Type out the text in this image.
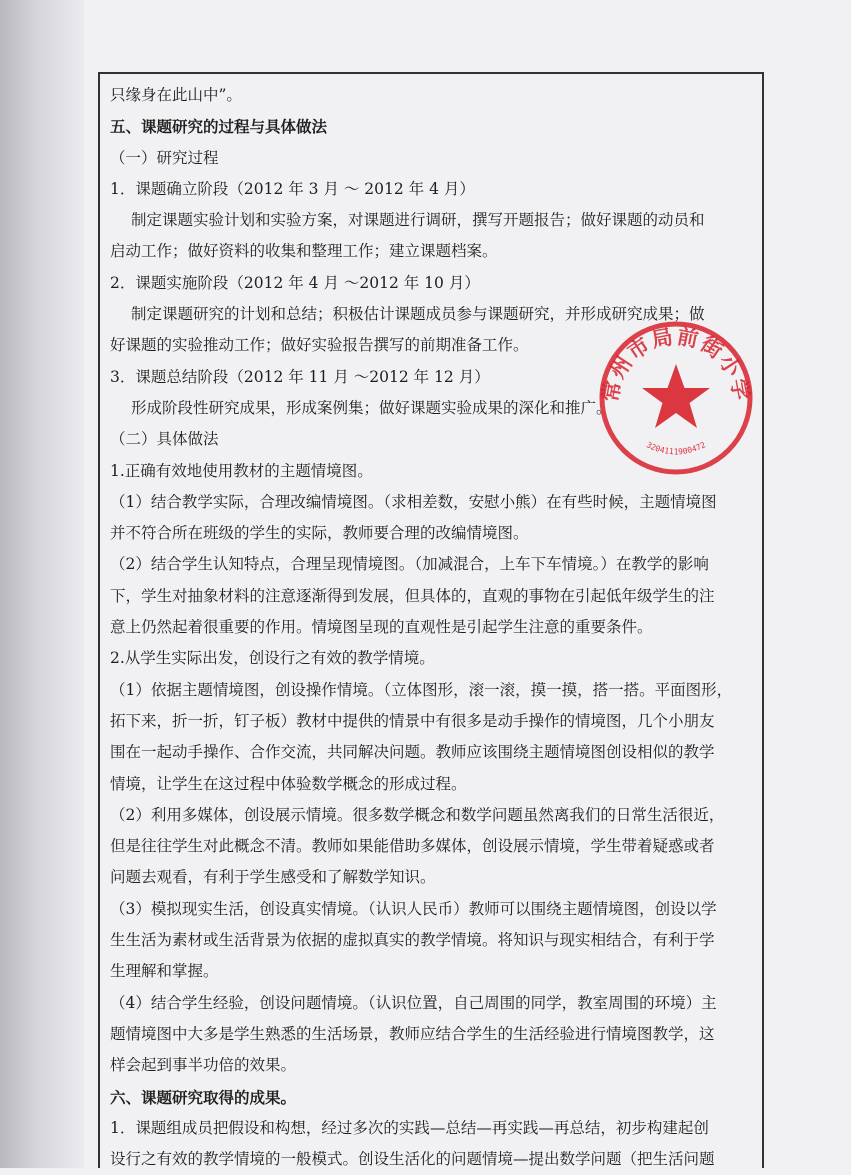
只缘身在此山中”。
五、课题研究的过程与具体做法
（一）研究过程
1．课题确立阶段（2012 年 3 月 ～ 2012 年 4 月）
制定课题实验计划和实验方案，对课题进行调研，撰写开题报告；做好课题的动员和
启动工作；做好资料的收集和整理工作；建立课题档案。
2．课题实施阶段（2012 年 4 月 ～2012 年 10 月）
制定课题研究的计划和总结；积极估计课题成员参与课题研究，并形成研究成果；做
好课题的实验推动工作；做好实验报告撰写的前期准备工作。
3．课题总结阶段（2012 年 11 月 ～2012 年 12 月）
形成阶段性研究成果，形成案例集；做好课题实验成果的深化和推广。
（二）具体做法
1.正确有效地使用教材的主题情境图。
（1）结合教学实际，合理改编情境图。（求相差数，安慰小熊）在有些时候，主题情境图
并不符合所在班级的学生的实际，教师要合理的改编情境图。
（2）结合学生认知特点，合理呈现情境图。（加减混合，上车下车情境。）在教学的影响
下，学生对抽象材料的注意逐渐得到发展，但具体的，直观的事物在引起低年级学生的注
意上仍然起着很重要的作用。情境图呈现的直观性是引起学生注意的重要条件。
2.从学生实际出发，创设行之有效的教学情境。
（1）依据主题情境图，创设操作情境。（立体图形，滚一滚，摸一摸，搭一搭。平面图形，
拓下来，折一折，钉子板）教材中提供的情景中有很多是动手操作的情境图，几个小朋友
围在一起动手操作、合作交流，共同解决问题。教师应该围绕主题情境图创设相似的教学
情境，让学生在这过程中体验数学概念的形成过程。
（2）利用多媒体，创设展示情境。很多数学概念和数学问题虽然离我们的日常生活很近，
但是往往学生对此概念不清。教师如果能借助多媒体，创设展示情境，学生带着疑惑或者
问题去观看，有利于学生感受和了解数学知识。
（3）模拟现实生活，创设真实情境。（认识人民币）教师可以围绕主题情境图，创设以学
生生活为素材或生活背景为依据的虚拟真实的教学情境。将知识与现实相结合，有利于学
生理解和掌握。
（4）结合学生经验，创设问题情境。（认识位置，自己周围的同学，教室周围的环境）主
题情境图中大多是学生熟悉的生活场景，教师应结合学生的生活经验进行情境图教学，这
样会起到事半功倍的效果。
六、课题研究取得的成果。
1．课题组成员把假设和构想，经过多次的实践—总结—再实践—再总结，初步构建起创
设行之有效的教学情境的一般模式。创设生活化的问题情境—提出数学问题（把生活问题
常州市局前街小学
3204111900472
